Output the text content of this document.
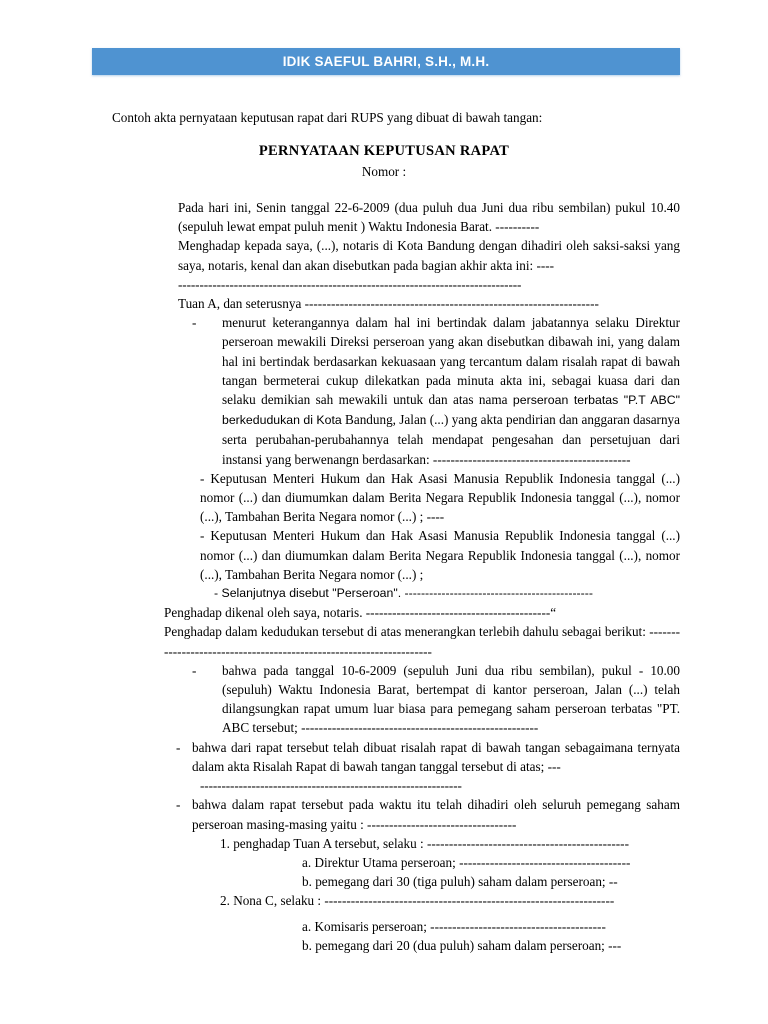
IDIK SAEFUL BAHRI, S.H., M.H.
Contoh akta pernyataan keputusan rapat dari RUPS yang dibuat di bawah tangan:
PERNYATAAN KEPUTUSAN RAPAT
Nomor :

Pada hari ini, Senin tanggal 22-6-2009 (dua puluh dua Juni dua ribu sembilan) pukul 10.40 (sepuluh lewat empat puluh menit ) Waktu Indonesia Barat. ----------

Menghadap kepada saya, (...), notaris di Kota Bandung dengan dihadiri oleh saksi-saksi yang saya, notaris, kenal dan akan disebutkan pada bagian akhir akta ini: ----

--------------------------------------------------------------------------------

Tuan A, dan seterusnya -------------------------------------------------------------------

-	menurut keterangannya dalam hal ini bertindak dalam jabatannya selaku Direktur perseroan mewakili Direksi perseroan yang akan disebutkan dibawah ini, yang dalam hal ini bertindak berdasarkan kekuasaan yang tercantum dalam risalah rapat di bawah tangan bermeterai cukup dilekatkan pada minuta akta ini, sebagai kuasa dari dan selaku demikian sah mewakili untuk dan atas nama perseroan terbatas "P.T ABC" berkedudukan di Kota Bandung, Jalan (...) yang akta pendirian dan anggaran dasarnya serta perubahan-perubahannya telah mendapat pengesahan dan persetujuan dari instansi yang berwenangn berdasarkan: ---------------------------------------------

- Keputusan Menteri Hukum dan Hak Asasi Manusia Republik Indonesia tanggal (...) nomor (...) dan diumumkan dalam Berita Negara Republik Indonesia tanggal (...), nomor (...), Tambahan Berita Negara nomor (...) ; ----

- Keputusan Menteri Hukum dan Hak Asasi Manusia Republik Indonesia tanggal (...) nomor (...) dan diumumkan dalam Berita Negara Republik Indonesia tanggal (...), nomor (...), Tambahan Berita Negara nomor (...) ;

- Selanjutnya disebut "Perseroan". ----------------------------------------------

Penghadap dikenal oleh saya, notaris. ------------------------------------------“

Penghadap dalam kedudukan tersebut di atas menerangkan terlebih dahulu sebagai berikut: --------------------------------------------------------------------

-	bahwa pada tanggal 10-6-2009 (sepuluh Juni dua ribu sembilan), pukul - 10.00 (sepuluh) Waktu Indonesia Barat, bertempat di kantor perseroan, Jalan (...) telah dilangsungkan rapat umum luar biasa para pemegang saham perseroan terbatas "PT. ABC tersebut; ------------------------------------------------------
- bahwa dari rapat tersebut telah dibuat risalah rapat di bawah tangan sebagaimana ternyata dalam akta Risalah Rapat di bawah tangan tanggal tersebut di atas; ---

-------------------------------------------------------------

- bahwa dalam rapat tersebut pada waktu itu telah dihadiri oleh seluruh pemegang saham perseroan masing-masing yaitu : ----------------------------------

1. penghadap Tuan A tersebut, selaku : ----------------------------------------------

a. Direktur Utama perseroan; ---------------------------------------

b. pemegang dari 30 (tiga puluh) saham dalam perseroan; --

2. Nona C, selaku : ------------------------------------------------------------------

a. Komisaris perseroan; ----------------------------------------

b. pemegang dari 20 (dua puluh) saham dalam perseroan; ---
